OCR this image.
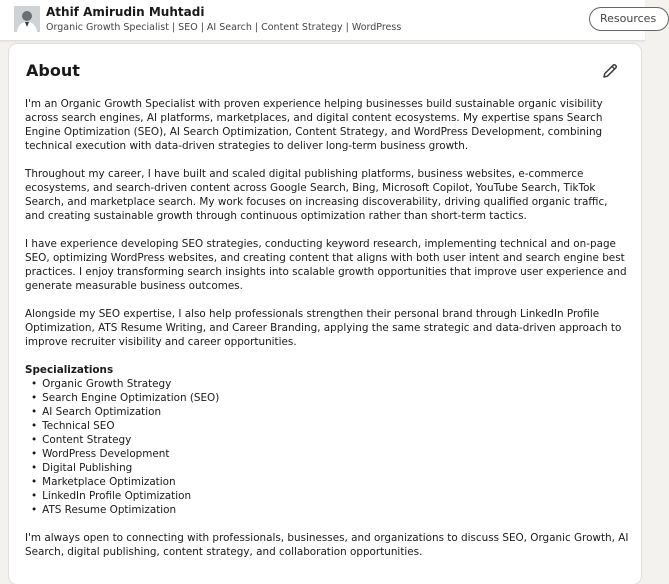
Athif Amirudin Muhtadi
Organic Growth Specialist | SEO | AI Search | Content Strategy | WordPress
Resources
About

I'm an Organic Growth Specialist with proven experience helping businesses build sustainable organic visibility across search engines, AI platforms, marketplaces, and digital content ecosystems. My expertise spans Search Engine Optimization (SEO), AI Search Optimization, Content Strategy, and WordPress Development, combining technical execution with data-driven strategies to deliver long-term business growth.

Throughout my career, I have built and scaled digital publishing platforms, business websites, e-commerce ecosystems, and search-driven content across Google Search, Bing, Microsoft Copilot, YouTube Search, TikTok Search, and marketplace search. My work focuses on increasing discoverability, driving qualified organic traffic, and creating sustainable growth through continuous optimization rather than short-term tactics.

I have experience developing SEO strategies, conducting keyword research, implementing technical and on-page SEO, optimizing WordPress websites, and creating content that aligns with both user intent and search engine best practices. I enjoy transforming search insights into scalable growth opportunities that improve user experience and generate measurable business outcomes.

Alongside my SEO expertise, I also help professionals strengthen their personal brand through LinkedIn Profile Optimization, ATS Resume Writing, and Career Branding, applying the same strategic and data-driven approach to improve recruiter visibility and career opportunities.

Specializations
• Organic Growth Strategy
• Search Engine Optimization (SEO)
• AI Search Optimization
• Technical SEO
• Content Strategy
• WordPress Development
• Digital Publishing
• Marketplace Optimization
• LinkedIn Profile Optimization
• ATS Resume Optimization

I'm always open to connecting with professionals, businesses, and organizations to discuss SEO, Organic Growth, AI Search, digital publishing, content strategy, and collaboration opportunities.
